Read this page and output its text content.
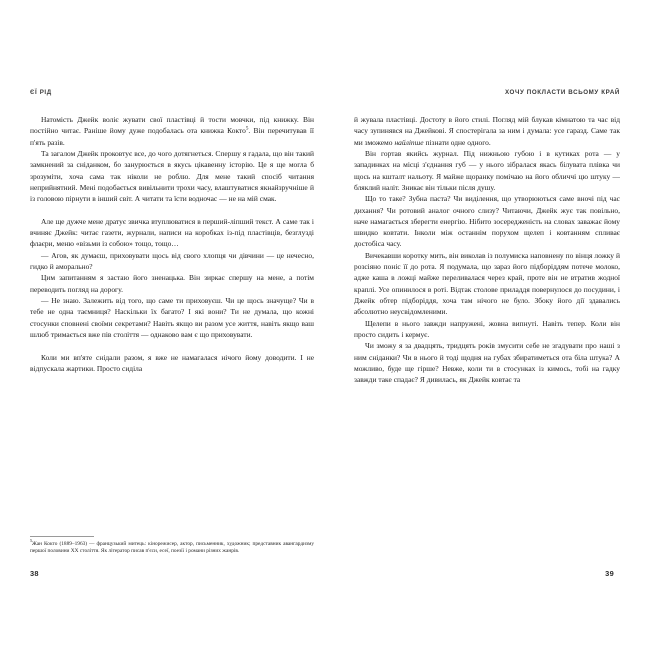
ЄЇ РІД

Натомість Джейк воліє жувати свої пластівці й тости мовчки, під книжку. Він постійно читає. Раніше йому дуже подобалась ота книжка Кокто$^5$. Він перечитував її п'ять разів.

Та загалом Джейк проковтує все, до чого дотягнеться. Спершу я гадала, що він такий замкнений за сніданком, бо занурюється в якусь цікавенну історію. Це я ще могла б зрозуміти, хоча сама так ніколи не роблю. Для мене такий спосіб читання неприйнятний. Мені подобається вивільнити трохи часу, влаштуватися якнайзручніше й із головою пірнути в інший світ. А читати та їсти водночас — не на мій смак.

Але ще дужче мене дратує звичка втуплюватися в перший-ліпший текст. А саме так і вчиняє Джейк: читає газети, журнали, написи на коробках із-під пластівців, безглузді флаєри, меню «візьми із собою» тощо, тощо…

— Агов, як думаєш, приховувати щось від свого хлопця чи дівчини — це нечесно, гидко й аморально?

Цим запитанням я застаю його зненацька. Він зиркає спершу на мене, а потім переводить погляд на дорогу.

— Не знаю. Залежить від того, що саме ти приховуєш. Чи це щось значуще? Чи в тебе не одна таємниця? Наскільки їх багато? І які вони? Ти не думала, що кожні стосунки сповнені своїми секретами? Навіть якщо ви разом усе життя, навіть якщо ваш шлюб тримається вже пів століття — однаково вам є що приховувати.

Коли ми вп'яте снідали разом, я вже не намагалася нічого йому доводити. І не відпускала жартики. Просто сиділа

$^5$Жан Кокто (1889–1963) — французький митець: кінорежисер, актор, письменник, художник; представник авангардизму першої половини XX століття. Як літератор писав п'єси, есеї, поезії і романи різних жанрів.

ХОЧУ ПОКЛАСТИ ВСЬОМУ КРАЙ

й жувала пластівці. Достоту в його стилі. Погляд мій блукав кімнатою та час від часу зупинявся на Джейкові. Я спостерігала за ним і думала: усе гаразд. Саме так ми зможемо найліпше пізнати одне одного.

Він гортав якийсь журнал. Під нижньою губою і в кутиках рота — у западинках на місці з'єднання губ — у нього зібралася якась білувата плівка чи щось на кшталт нальоту. Я майже щоранку помічаю на його обличчі цю штуку — бляклий наліт. Зникає він тільки після душу.

Що то таке? Зубна паста? Чи виділення, що утворюються саме вночі під час дихання? Чи ротовий аналог очного слизу? Читаючи, Джейк жує так повільно, наче намагається зберегти енергію. Нібито зосередженість на словах заважає йому швидко ковтати. Інколи між останнім порухом щелеп і ковтанням спливає достобіса часу.

Вичекавши коротку мить, він виколав із полумиска наповнену по вінця ложку й розсіяно поніс її до рота. Я подумала, що зараз його підборіддям потече молоко, адже каша в ложці майже переливалася через край, проте він не втратив жодної краплі. Усе опинилося в роті. Відтак столове приладдя повернулося до посудини, і Джейк обтер підборіддя, хоча там нічого не було. Збоку його дії здавались абсолютно неусвідомленими.

Щелепи в нього завжди напружені, жовна випнуті. Навіть тепер. Коли він просто сидить і кермує.

Чи зможу я за двадцять, тридцять років змусити себе не згадувати про наші з ним сніданки? Чи в нього й тоді щодня на губах збиратиметься ота біла штука? А можливо, буде ще гірше? Невже, коли ти в стосунках із кимось, тобі на гадку завжди таке спадає? Я дивилась, як Джейк ковтає та

38	39
